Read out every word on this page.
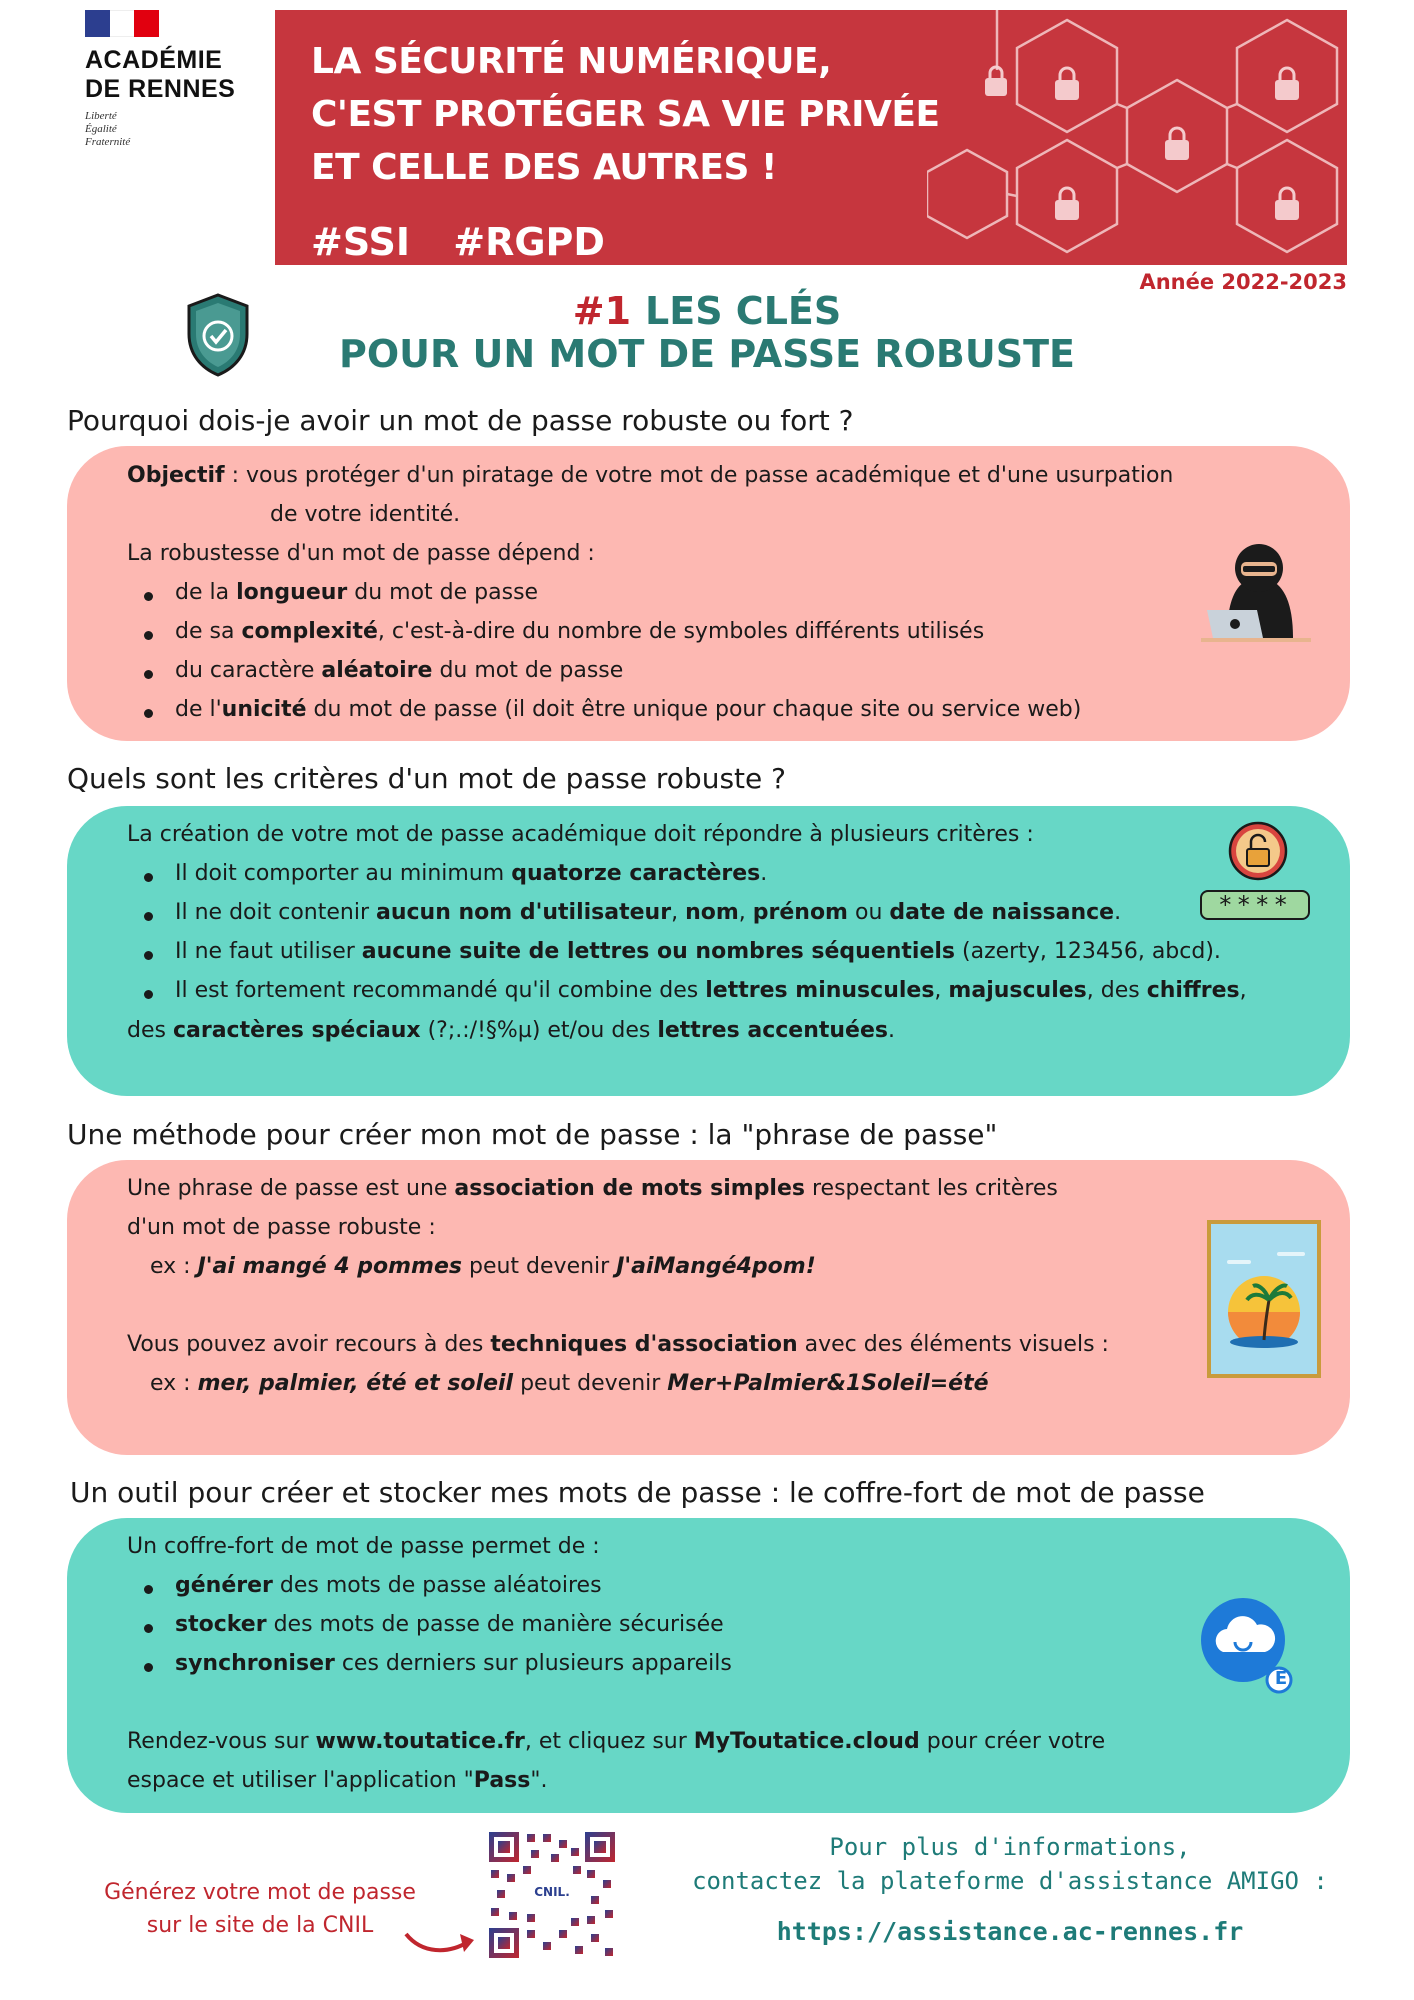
ACADÉMIE
DE RENNES
Liberté
Égalité
Fraternité
LA SÉCURITÉ NUMÉRIQUE,
C'EST PROTÉGER SA VIE PRIVÉE
ET CELLE DES AUTRES !
#SSI #RGPD
Année 2022-2023
#1 LES CLÉS
POUR UN MOT DE PASSE ROBUSTE
Pourquoi dois-je avoir un mot de passe robuste ou fort ?
Objectif : vous protéger d'un piratage de votre mot de passe académique et d'une usurpation
de votre identité.
La robustesse d'un mot de passe dépend :
de la longueur du mot de passe
de sa complexité, c'est-à-dire du nombre de symboles différents utilisés
du caractère aléatoire du mot de passe
de l'unicité du mot de passe (il doit être unique pour chaque site ou service web)
Quels sont les critères d'un mot de passe robuste ?
La création de votre mot de passe académique doit répondre à plusieurs critères :
Il doit comporter au minimum quatorze caractères.
Il ne doit contenir aucun nom d'utilisateur, nom, prénom ou date de naissance.
Il ne faut utiliser aucune suite de lettres ou nombres séquentiels (azerty, 123456, abcd).
Il est fortement recommandé qu'il combine des lettres minuscules, majuscules, des chiffres,
des caractères spéciaux (?;.:/!§%µ) et/ou des lettres accentuées.
****
Une méthode pour créer mon mot de passe : la "phrase de passe"
Une phrase de passe est une association de mots simples respectant les critères
d'un mot de passe robuste :
ex : J'ai mangé 4 pommes peut devenir J'aiMangé4pom!
Vous pouvez avoir recours à des techniques d'association avec des éléments visuels :
ex : mer, palmier, été et soleil peut devenir Mer+Palmier&1Soleil=été
Un outil pour créer et stocker mes mots de passe : le coffre-fort de mot de passe
Un coffre-fort de mot de passe permet de :
générer des mots de passe aléatoires
stocker des mots de passe de manière sécurisée
synchroniser ces derniers sur plusieurs appareils
Rendez-vous sur www.toutatice.fr, et cliquez sur MyToutatice.cloud pour créer votre
espace et utiliser l'application "Pass".
É
Générez votre mot de passe
sur le site de la CNIL
CNIL.
Pour plus d'informations,
contactez la plateforme d'assistance AMIGO :
https://assistance.ac-rennes.fr
